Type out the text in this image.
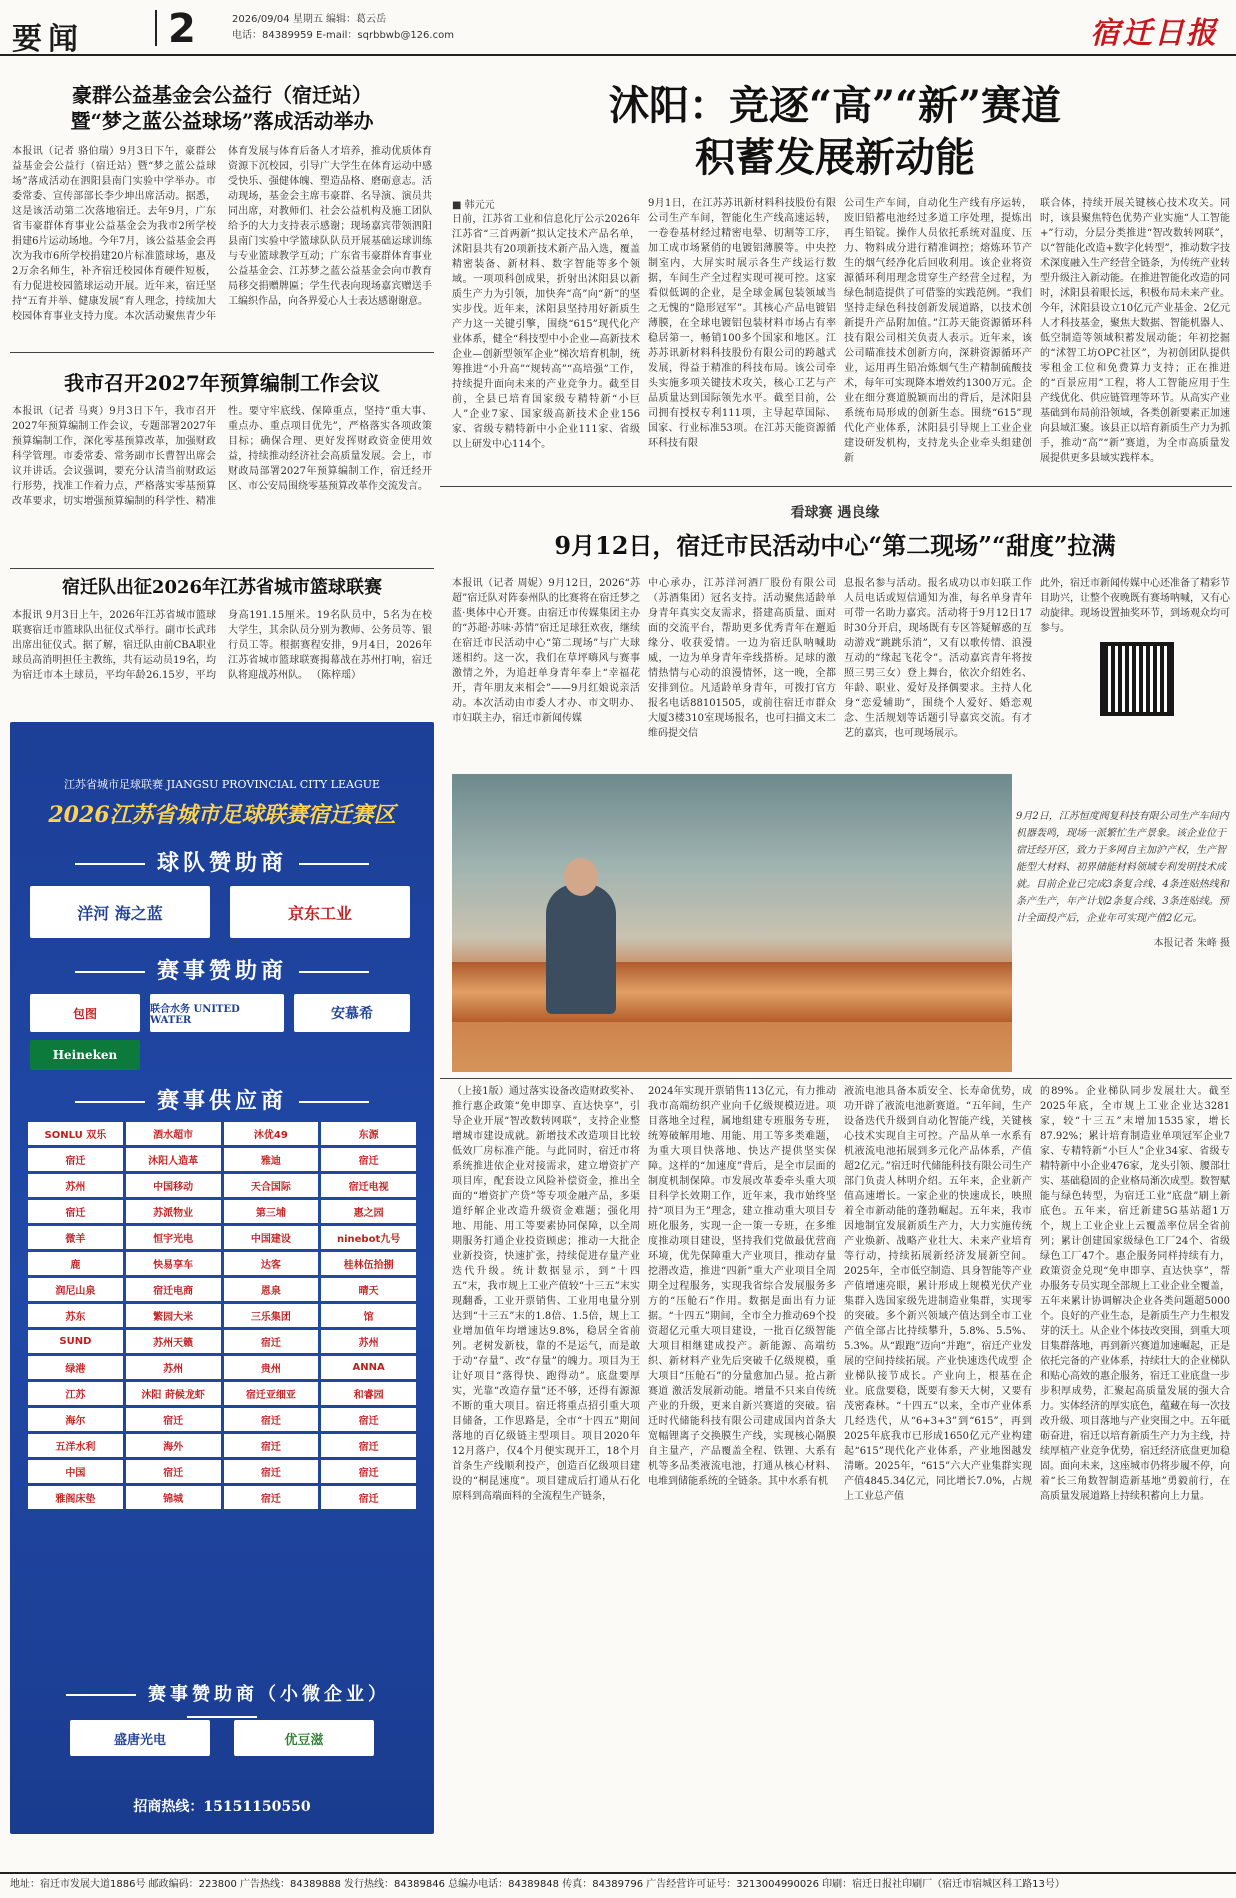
要闻 2	2026/09/04 星期五 编辑：葛云岳
电话：84389959 E-mail：sqrbbwb@126.com	宿迁日报
豪群公益基金会公益行（宿迁站）
暨“梦之蓝公益球场”落成活动举办
本报讯（记者 骆伯瑞）9月3日下午，豪群公益基金会公益行（宿迁站）暨“梦之蓝公益球场”落成活动在泗阳县南门实验中学举办。市委常委、宣传部部长李少坤出席活动。据悉，这是该活动第二次落地宿迁。去年9月，广东省韦豪群体育事业公益基金会为我市2所学校捐建6片运动场地。今年7月，该公益基金会再次为我市6所学校捐建20片标准篮球场，惠及2万余名师生，补齐宿迁校园体育硬件短板，有力促进校园篮球运动开展。近年来，宿迁坚持“五育并举、健康发展”育人理念，持续加大校园体育事业支持力度。本次活动聚焦青少年体育发展与体育后备人才培养，推动优质体育资源下沉校园，引导广大学生在体育运动中感受快乐、强健体魄、塑造品格、磨砺意志。活动现场，基金会主席韦豪群、名导演、演员共同出席，对教师们、社会公益机构及施工团队给予的大力支持表示感谢；现场嘉宾带领泗阳县南门实验中学篮球队队员开展基础运球训练与专业篮球教学互动；广东省韦豪群体育事业公益基金会、江苏梦之蓝公益基金会向市教育局移交捐赠牌匾；学生代表向现场嘉宾赠送手工编织作品，向各界爱心人士表达感谢谢意。
我市召开2027年预算编制工作会议
本报讯（记者 马爽）9月3日下午，我市召开2027年预算编制工作会议，专题部署2027年预算编制工作，深化零基预算改革，加强财政科学管理。市委常委、常务副市长曹智出席会议并讲话。会议强调，要充分认清当前财政运行形势，找准工作着力点，严格落实零基预算改革要求，切实增强预算编制的科学性、精准性。要守牢底线、保障重点，坚持“重大事、重点办、重点项目优先”，严格落实各项政策目标；确保合理、更好发挥财政资金使用效益，持续推动经济社会高质量发展。会上，市财政局部署2027年预算编制工作，宿迁经开区、市公安局围绕零基预算改革作交流发言。
宿迁队出征2026年江苏省城市篮球联赛
本报讯 9月3日上午，2026年江苏省城市篮球联赛宿迁市篮球队出征仪式举行。副市长武玮出席出征仪式。据了解，宿迁队由前CBA职业球员高消明担任主教练，共有运动员19名，均为宿迁市本土球员，平均年龄26.15岁，平均身高191.15厘米。19名队员中，5名为在校大学生，其余队员分别为教师、公务员等、银行员工等。根据赛程安排，9月4日，2026年江苏省城市篮球联赛揭幕战在苏州打响，宿迁队将迎战苏州队。 （陈梓瑶）
江苏省城市足球联赛 JIANGSU PROVINCIAL CITY LEAGUE
2026江苏省城市足球联赛宿迁赛区
球队赞助商
洋河 海之蓝	京东工业
赛事赞助商
包图	联合水务 UNITED WATER	安慕希
Heineken
赛事供应商
SONLU 双乐	酒水超市	沐优49	东源
宿迁	沐阳人造革	雅迪	宿迁
苏州	中国移动	天合国际	宿迁电视
宿迁	苏派物业	第三埔	惠之园
微羊	恒宇光电	中国建设	ninebot九号
鹿	快易享车	达客	桂林伍拾捌
润尼山泉	宿迁电商	恩泉	晴天
苏东	繁园大米	三乐集团	馆
SUND	苏州天籁	宿迁	苏州
绿港	苏州	贵州	ANNA
江苏	沐阳 莳候龙虾	宿迁亚细亚	和睿园
海尔	宿迁	宿迁	宿迁
五洋水利	海外	宿迁	宿迁
中国	宿迁	宿迁	宿迁
雅阁床垫	锦城	宿迁	宿迁
赛事赞助商（小微企业）
盛唐光电	优豆滋
招商热线：15151150550
沭阳：竞逐“高”“新”赛道
积蓄发展新动能
■ 韩元元
日前，江苏省工业和信息化厅公示2026年江苏省“三首两新”拟认定技术产品名单，沭阳县共有20项新技术新产品入选，覆盖精密装备、新材料、数字智能等多个领域。一项项科创成果，折射出沭阳县以新质生产力为引领，加快奔“高”向“新”的坚实步伐。近年来，沭阳县坚持用好新质生产力这一关键引擎，围绕“615”现代化产业体系，健全“科技型中小企业—高新技术企业—创新型领军企业”梯次培育机制，统筹推进“小升高”“规转高”“高培强”工作，持续提升面向未来的产业竞争力。截至目前，全县已培育国家级专精特新“小巨人”企业7家、国家级高新技术企业156家、省级专精特新中小企业111家、省级以上研发中心114个。
9月1日，在江苏苏讯新材料科技股份有限公司生产车间，智能化生产线高速运转，一卷卷基材经过精密电晕、切割等工序，加工成市场紧俏的电镀铝薄膜等。中央控制室内，大屏实时展示各生产线运行数据，车间生产全过程实现可视可控。这家看似低调的企业，是全球金属包装领域当之无愧的“隐形冠军”。其核心产品电镀铝薄膜，在全球电镀铝包装材料市场占有率稳居第一，畅销100多个国家和地区。江苏苏讯新材料科技股份有限公司的跨越式发展，得益于精准的科技布局。该公司牵头实施多项关键技术攻关，核心工艺与产品质量达到国际领先水平。截至目前，公司拥有授权专利111项，主导起草国际、国家、行业标准53项。在江苏天能资源循环科技有限
公司生产车间，自动化生产线有序运转，废旧铅蓄电池经过多道工序处理，提炼出再生铅锭。操作人员依托系统对温度、压力、物料成分进行精准调控；熔炼环节产生的烟气经净化后回收利用。该企业将资源循环利用理念贯穿生产经营全过程，为绿色制造提供了可借鉴的实践范例。“我们坚持走绿色科技创新发展道路，以技术创新提升产品附加值。”江苏天能资源循环科技有限公司相关负责人表示。近年来，该公司瞄准技术创新方向，深耕资源循环产业，运用再生铅冶炼烟气生产精制硫酸技术，每年可实现降本增效约1300万元。企业在细分赛道脱颖而出的背后，是沭阳县系统布局形成的创新生态。围绕“615”现代化产业体系，沭阳县引导规上工业企业建设研发机构，支持龙头企业牵头组建创新
联合体，持续开展关键核心技术攻关。同时，该县聚焦特色优势产业实施“人工智能+”行动，分层分类推进“智改数转网联”，以“智能化改造+数字化转型”，推动数字技术深度融入生产经营全链条，为传统产业转型升级注入新动能。在推进智能化改造的同时，沭阳县着眼长远，积极布局未来产业。今年，沭阳县设立10亿元产业基金、2亿元人才科技基金，聚焦大数据、智能机器人、低空制造等领域积蓄发展动能；年初挖掘的“沭智工坊OPC社区”，为初创团队提供零租金工位和免费算力支持；正在推进的“百景应用”工程，将人工智能应用于生产线优化、供应链管理等环节。从高实产业基础到布局前沿领域，各类创新要素正加速向县域汇聚。该县正以培育新质生产力为抓手，推动“高”“新”赛道，为全市高质量发展提供更多县域实践样本。
看球赛 遇良缘
9月12日，宿迁市民活动中心“第二现场”“甜度”拉满
本报讯（记者 周妮）9月12日，2026“苏超”宿迁队对阵泰州队的比赛将在宿迁梦之蓝·奥体中心开赛。由宿迁市传媒集团主办的“苏超·苏味·苏情”宿迁足球狂欢夜，继续在宿迁市民活动中心“第二现场”与广大球迷相约。这一次，我们在草坪嗨风与赛事激情之外，为追赶单身青年奉上“幸福花开，青年朋友来相会”——9月红娘说亲活动。本次活动由市委人才办、市文明办、市妇联主办，宿迁市新闻传媒
中心承办，江苏洋河酒厂股份有限公司（苏酒集团）冠名支持。活动聚焦适龄单身青年真实交友需求，搭建高质量、面对面的交流平台，帮助更多优秀青年在邂逅缘分、收获爱情。一边为宿迁队呐喊助威，一边为单身青年牵线搭桥。足球的激情热情与心动的浪漫情怀，这一晚，全都安排到位。凡适龄单身青年，可拨打官方报名电话88101505，或前往宿迁市群众大厦3楼310室现场报名，也可扫描文末二维码提交信
息报名参与活动。报名成功以市妇联工作人员电话或短信通知为准，每名单身青年可带一名助力嘉宾。活动将于9月12日17时30分开启，现场既有专区答疑解惑的互动游戏“跳跳乐消”，又有以歌传情、浪漫互动的“缘起飞花令”。活动嘉宾青年将按照三男三女）登上舞台，依次介绍姓名、年龄、职业、爱好及择偶要求。主持人化身“恋爱辅助”，围绕个人爱好、婚恋观念、生活规划等话题引导嘉宾交流。有才艺的嘉宾，也可现场展示。
此外，宿迁市新闻传媒中心还准备了精彩节目助兴，让整个夜晚既有赛场呐喊，又有心动旋律。现场设置抽奖环节，到场观众均可参与。
9月2日，江苏恒度阀复科技有限公司生产车间内机器轰鸣，现场一派繁忙生产景象。该企业位于宿迁经开区，致力于多网自主加沪产权，生产智能型大材料、初界储能材料领域专利发明技术成就。目前企业已完成3条复合线、4条连贴热线和条产生产，年产计划2条复合线、3条连贴线。预计全面投产后，企业年可实现产值2亿元。
本报记者 朱峰 摄
（上接1版）通过落实设备改造财政奖补、推行惠企政策“免申即享、直达快享”，引导企业开展“智改数转网联”，支持企业整增城市建设成就。新增技术改造项目比较低效厂房标准产能。与此同时，宿迁市将系统推进依企业对接需求，建立增资扩产项目库，配套设立风险补偿资金，推出全面的“增资扩产贷”等专项金融产品，多渠道纾解企业改造升级资金难题；强化用地、用能、用工等要素协同保障，以全周期服务打通企业投资顾虑；推动一大批企业新投资，快速扩张，持续促进存量产业迭代升级。统计数据显示，到“十四五”末，我市规上工业产值较“十三五”末实现翻番，工业开票销售、工业用电量分别达到“十三五”末的1.8倍、1.5倍，规上工业增加值年均增速达9.8%，稳居全省前列。老树发新枝，靠的不是运气，而是敢于动“存量”、改“存量”的魄力。项目为王 让好项目“落得快、跑得动”。底盘要厚实，光靠“改造存量”还不够，还得有源源不断的重大项目。宿迁将重点招引重大项目储备，工作思路是，全市“十四五”期间落地的百亿级链主型项目。项目2020年12月落户，仅4个月便实现开工，18个月首条生产线顺利投产，创造百亿级项目建设的“桐昆速度”。项目建成后打通从石化原料到高端面料的全流程生产链条，
2024年实现开票销售113亿元，有力推动我市高端纺织产业向千亿级规模迈进。项目落地全过程，属地组建专班服务专班，统筹破解用地、用能、用工等多类难题，为重大项目快落地、快达产提供坚实保障。这样的“加速度”背后，是全市层面的制度机制保障。市发展改革委牵头重大项目科学长效期工作，近年来，我市始终坚持“项目为王”理念，建立推动重大项目专班化服务，实现一企一策一专班，在多维度推动项目建设，坚持我们党做最优营商环境，优先保障重大产业项目，推动存量挖潜改造，推进“四新”重大产业项目全周期全过程服务，实现我省综合发展服务多方的“压舱石”作用。数据是面出有力证据。“十四五”期间，全市全力推动69个投资超亿元重大项目建设，一批百亿级智能大项目相继建成投产。新能源、高端纺织、新材料产业先后突破千亿级规模，重大项目“压舱石”的分量愈加凸显。抢占新赛道 激活发展新动能。增量不只来自传统产业的升级，更来自新兴赛道的突破。宿迁时代储能科技有限公司建成国内首条大宽幅锂离子交换膜生产线，实现核心隔膜自主量产，产品覆盖全程、铁锂、大系有机等多品类液流电池，打通从核心材料、电堆到储能系统的全链条。其中水系有机
液流电池具备本质安全、长寿命优势，成功开辟了液流电池新赛道。“五年间，生产设备迭代升级到自动化智能产线，关键核心技术实现自主可控。产品从单一水系有机液流电池拓展到多元化产品体系，产值超2亿元。”宿迁时代储能科技有限公司生产部门负责人林明介绍。五年来，企业新产值高速增长。一家企业的快速成长，映照着全市新动能的蓬勃崛起。五年来，我市因地制宜发展新质生产力，大力实施传统产业焕新、战略产业壮大、未来产业培育等行动，持续拓展新经济发展新空间。2025年，全市低空制造、具身智能等产业产值增速亮眼，累计形成上规模光伏产业集群入选国家级先进制造业集群，实现零的突破。多个新兴领域产值达到全市工业产值全部占比持续攀升，5.8%、5.5%、5.3%。从“跟跑”迈向“并跑”，宿迁产业发展的空间持续拓展。产业快速迭代成型 企业梯队接节成长。产业向上，根基在企业。底盘要稳，既要有参天大树，又要有茂密森林。“十四五”以来，全市产业体系几经迭代，从“6+3+3”到“615”，再到2025年底我市已形成1650亿元产业构建起“615”现代化产业体系，产业地图越发清晰。2025年，“615”六大产业集群实现产值4845.34亿元，同比增长7.0%，占规上工业总产值
的89%。企业梯队同步发展壮大。截至2025年底，全市规上工业企业达3281家，较“十三五”末增加1535家，增长87.92%；累计培育制造业单项冠军企业7家、专精特新“小巨人”企业34家、省级专精特新中小企业476家，龙头引领、腰部壮实、基础稳固的企业格局渐次成型。数智赋能与绿色转型，为宿迁工业“底盘”刷上新底色。五年来，宿迁新建5G基站超1万个，规上工业企业上云覆盖率位居全省前列；累计创建国家级绿色工厂24个、省级绿色工厂47个。惠企服务同样持续有力，政策资金兑现“免申即享、直达快享”，帮办服务专员实现全部规上工业企业全覆盖，五年来累计协调解决企业各类问题超5000个。良好的产业生态，是新质生产力生根发芽的沃土。从企业个体技改突围，到重大项目集群落地，再到新兴赛道加速崛起，正是依托完备的产业体系，持续壮大的企业梯队和贴心高效的惠企服务，宿迁工业底盘一步步积厚成势，汇聚起高质量发展的强大合力。实体经济的厚实底色，蕴藏在每一次技改升级、项目落地与产业突围之中。五年砥砺奋进，宿迁以培育新质生产力为主线，持续厚植产业竞争优势，宿迁经济底盘更加稳固。面向未来，这座城市仍将步履不停，向着“长三角数智制造新基地”勇毅前行，在高质量发展道路上持续积蓄向上力量。
地址：宿迁市发展大道1886号 邮政编码：223800 广告热线：84389888 发行热线：84389846 总编办电话：84389848 传真：84389796 广告经营许可证号：3213004990026 印刷：宿迁日报社印刷厂（宿迁市宿城区科工路13号）
